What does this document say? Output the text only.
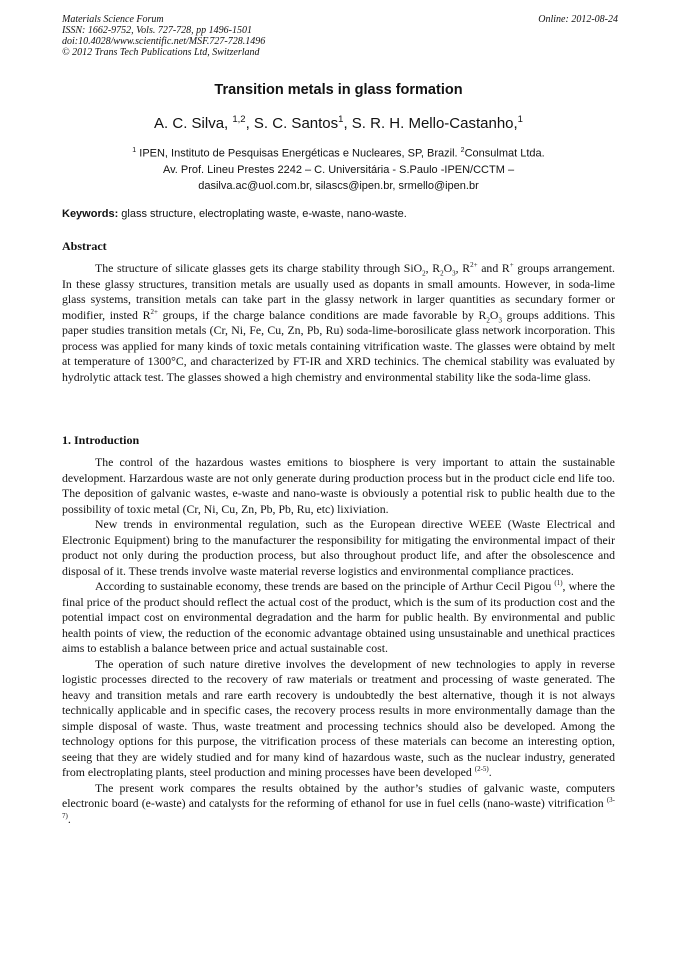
Materials Science Forum
ISSN: 1662-9752, Vols. 727-728, pp 1496-1501
doi:10.4028/www.scientific.net/MSF.727-728.1496
© 2012 Trans Tech Publications Ltd, Switzerland
Online: 2012-08-24
Transition metals in glass formation
A. C. Silva, $^{1,2}$, S. C. Santos$^1$, S. R. H. Mello-Castanho,$^1$
$^1$ IPEN, Instituto de Pesquisas Energéticas e Nucleares, SP, Brazil. $^2$Consulmat Ltda.
Av. Prof. Lineu Prestes 2242 – C. Universitária - S.Paulo -IPEN/CCTM –
dasilva.ac@uol.com.br, silascs@ipen.br, srmello@ipen.br
Keywords: glass structure, electroplating waste, e-waste, nano-waste.
Abstract

The structure of silicate glasses gets its charge stability through SiO$_2$, $R_2O_3$, $R^{2+}$ and R+ groups arrangement. In these glassy structures, transition metals are usually used as dopants in small amounts. However, in soda-lime glass systems, transition metals can take part in the glassy network in larger quantities as secundary former or modifier, insted $R^{2+}$ groups, if the charge balance conditions are made favorable by $R_2O_3$ groups additions. This paper studies transition metals (Cr, Ni, Fe, Cu, Zn, Pb, Ru) soda-lime-borosilicate glass network incorporation. This process was applied for many kinds of toxic metals containing vitrification waste. The glasses were obtaind by melt at temperature of 1300°C, and characterized by FT-IR and XRD techinics. The chemical stability was evaluated by hydrolytic attack test. The glasses showed a high chemistry and environmental stability like the soda-lime glass.

1. Introduction

The control of the hazardous wastes emitions to biosphere is very important to attain the sustainable development. Harzardous waste are not only generate during production process but in the product cicle end life too. The deposition of galvanic wastes, e-waste and nano-waste is obviously a potential risk to public health due to the possibility of toxic metal (Cr, Ni, Cu, Zn, Pb, Pb, Ru, etc) lixiviation.

New trends in environmental regulation, such as the European directive WEEE (Waste Electrical and Electronic Equipment) bring to the manufacturer the responsibility for mitigating the environmental impact of their product not only during the production process, but also throughout product life, and after the obsolescence and disposal of it. These trends involve waste material reverse logistics and environmental compliance practices.

According to sustainable economy, these trends are based on the principle of Arthur Cecil Pigou $^{(1)}$, where the final price of the product should reflect the actual cost of the product, which is the sum of its production cost and the potential impact cost on environmental degradation and the harm for public health. By environmental and public health points of view, the reduction of the economic advantage obtained using unsustainable and unethical practices aims to establish a balance between price and actual sustainable cost.

The operation of such nature diretive involves the development of new technologies to apply in reverse logistic processes directed to the recovery of raw materials or treatment and processing of waste generated. The heavy and transition metals and rare earth recovery is undoubtedly the best alternative, though it is not always technically applicable and in specific cases, the recovery process results in more environmentally damage than the simple disposal of waste. Thus, waste treatment and processing technics should also be developed. Among the technology options for this purpose, the vitrification process of these materials can become an interesting option, seeing that they are widely studied and for many kind of hazardous waste, such as the nuclear industry, generated from electroplating plants, steel production and mining processes have been developed $^{(2-5)}$.

The present work compares the results obtained by the author’s studies of galvanic waste, computers electronic board (e-waste) and catalysts for the reforming of ethanol for use in fuel cells (nano-waste) vitrification $^{(3-7)}$.
